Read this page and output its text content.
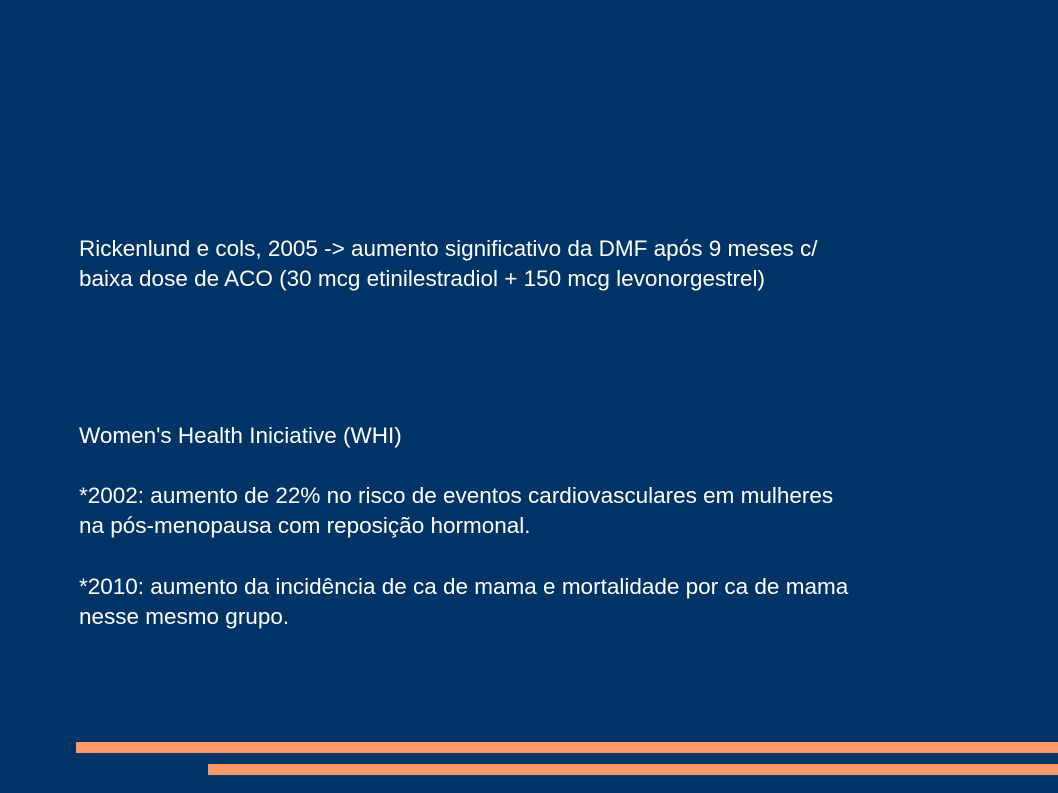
Rickenlund e cols, 2005 -> aumento significativo da DMF após 9 meses c/
baixa dose de ACO (30 mcg etinilestradiol + 150 mcg levonorgestrel)

Women's Health Iniciative (WHI)

*2002: aumento de 22% no risco de eventos cardiovasculares em mulheres
na pós-menopausa com reposição hormonal.

*2010: aumento da incidência de ca de mama e mortalidade por ca de mama
nesse mesmo grupo.
